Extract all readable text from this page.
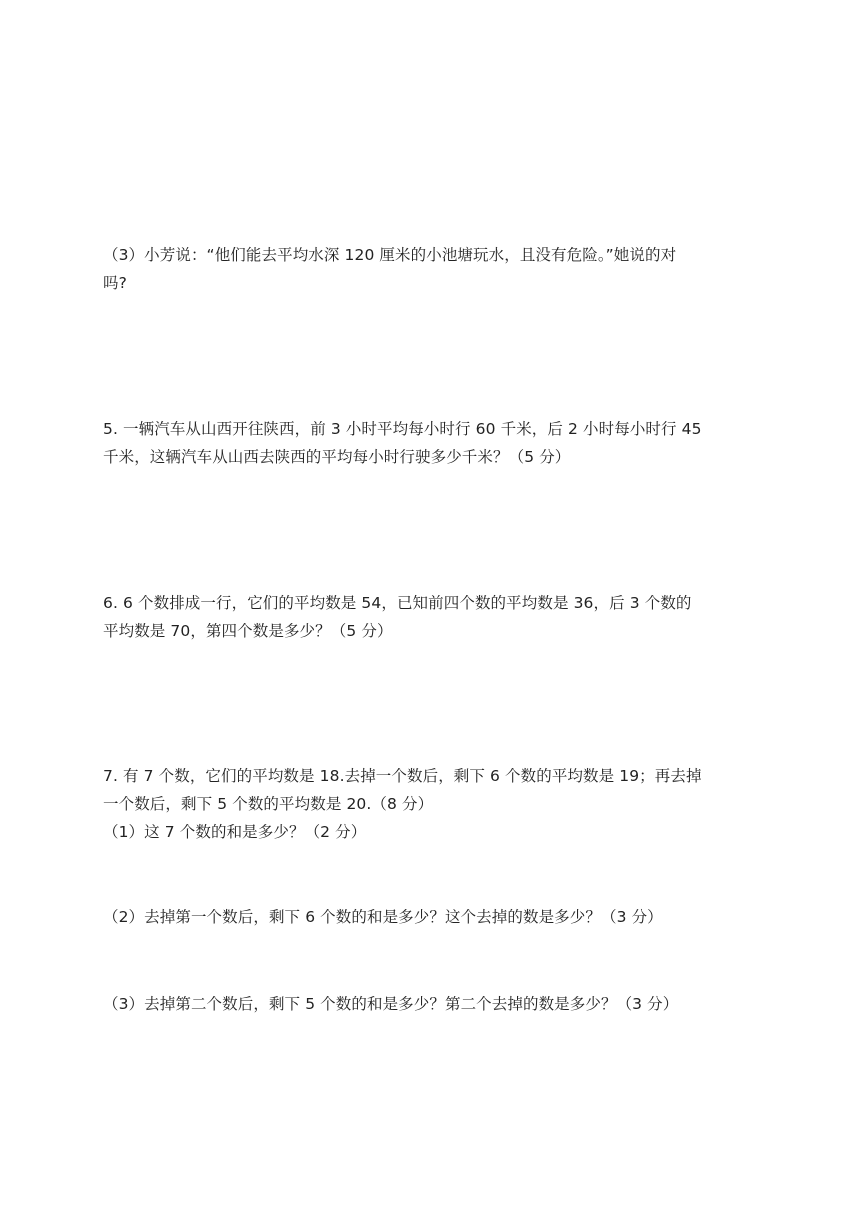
（3）小芳说：“他们能去平均水深 120 厘米的小池塘玩水，且没有危险。”她说的对
吗?
5. 一辆汽车从山西开往陕西，前 3 小时平均每小时行 60 千米，后 2 小时每小时行 45
千米，这辆汽车从山西去陕西的平均每小时行驶多少千米？（5 分）
6. 6 个数排成一行，它们的平均数是 54，已知前四个数的平均数是 36，后 3 个数的
平均数是 70，第四个数是多少？（5 分）
7. 有 7 个数，它们的平均数是 18.去掉一个数后，剩下 6 个数的平均数是 19；再去掉
一个数后，剩下 5 个数的平均数是 20.（8 分）
（1）这 7 个数的和是多少？（2 分）
（2）去掉第一个数后，剩下 6 个数的和是多少？这个去掉的数是多少？（3 分）
（3）去掉第二个数后，剩下 5 个数的和是多少？第二个去掉的数是多少？（3 分）
